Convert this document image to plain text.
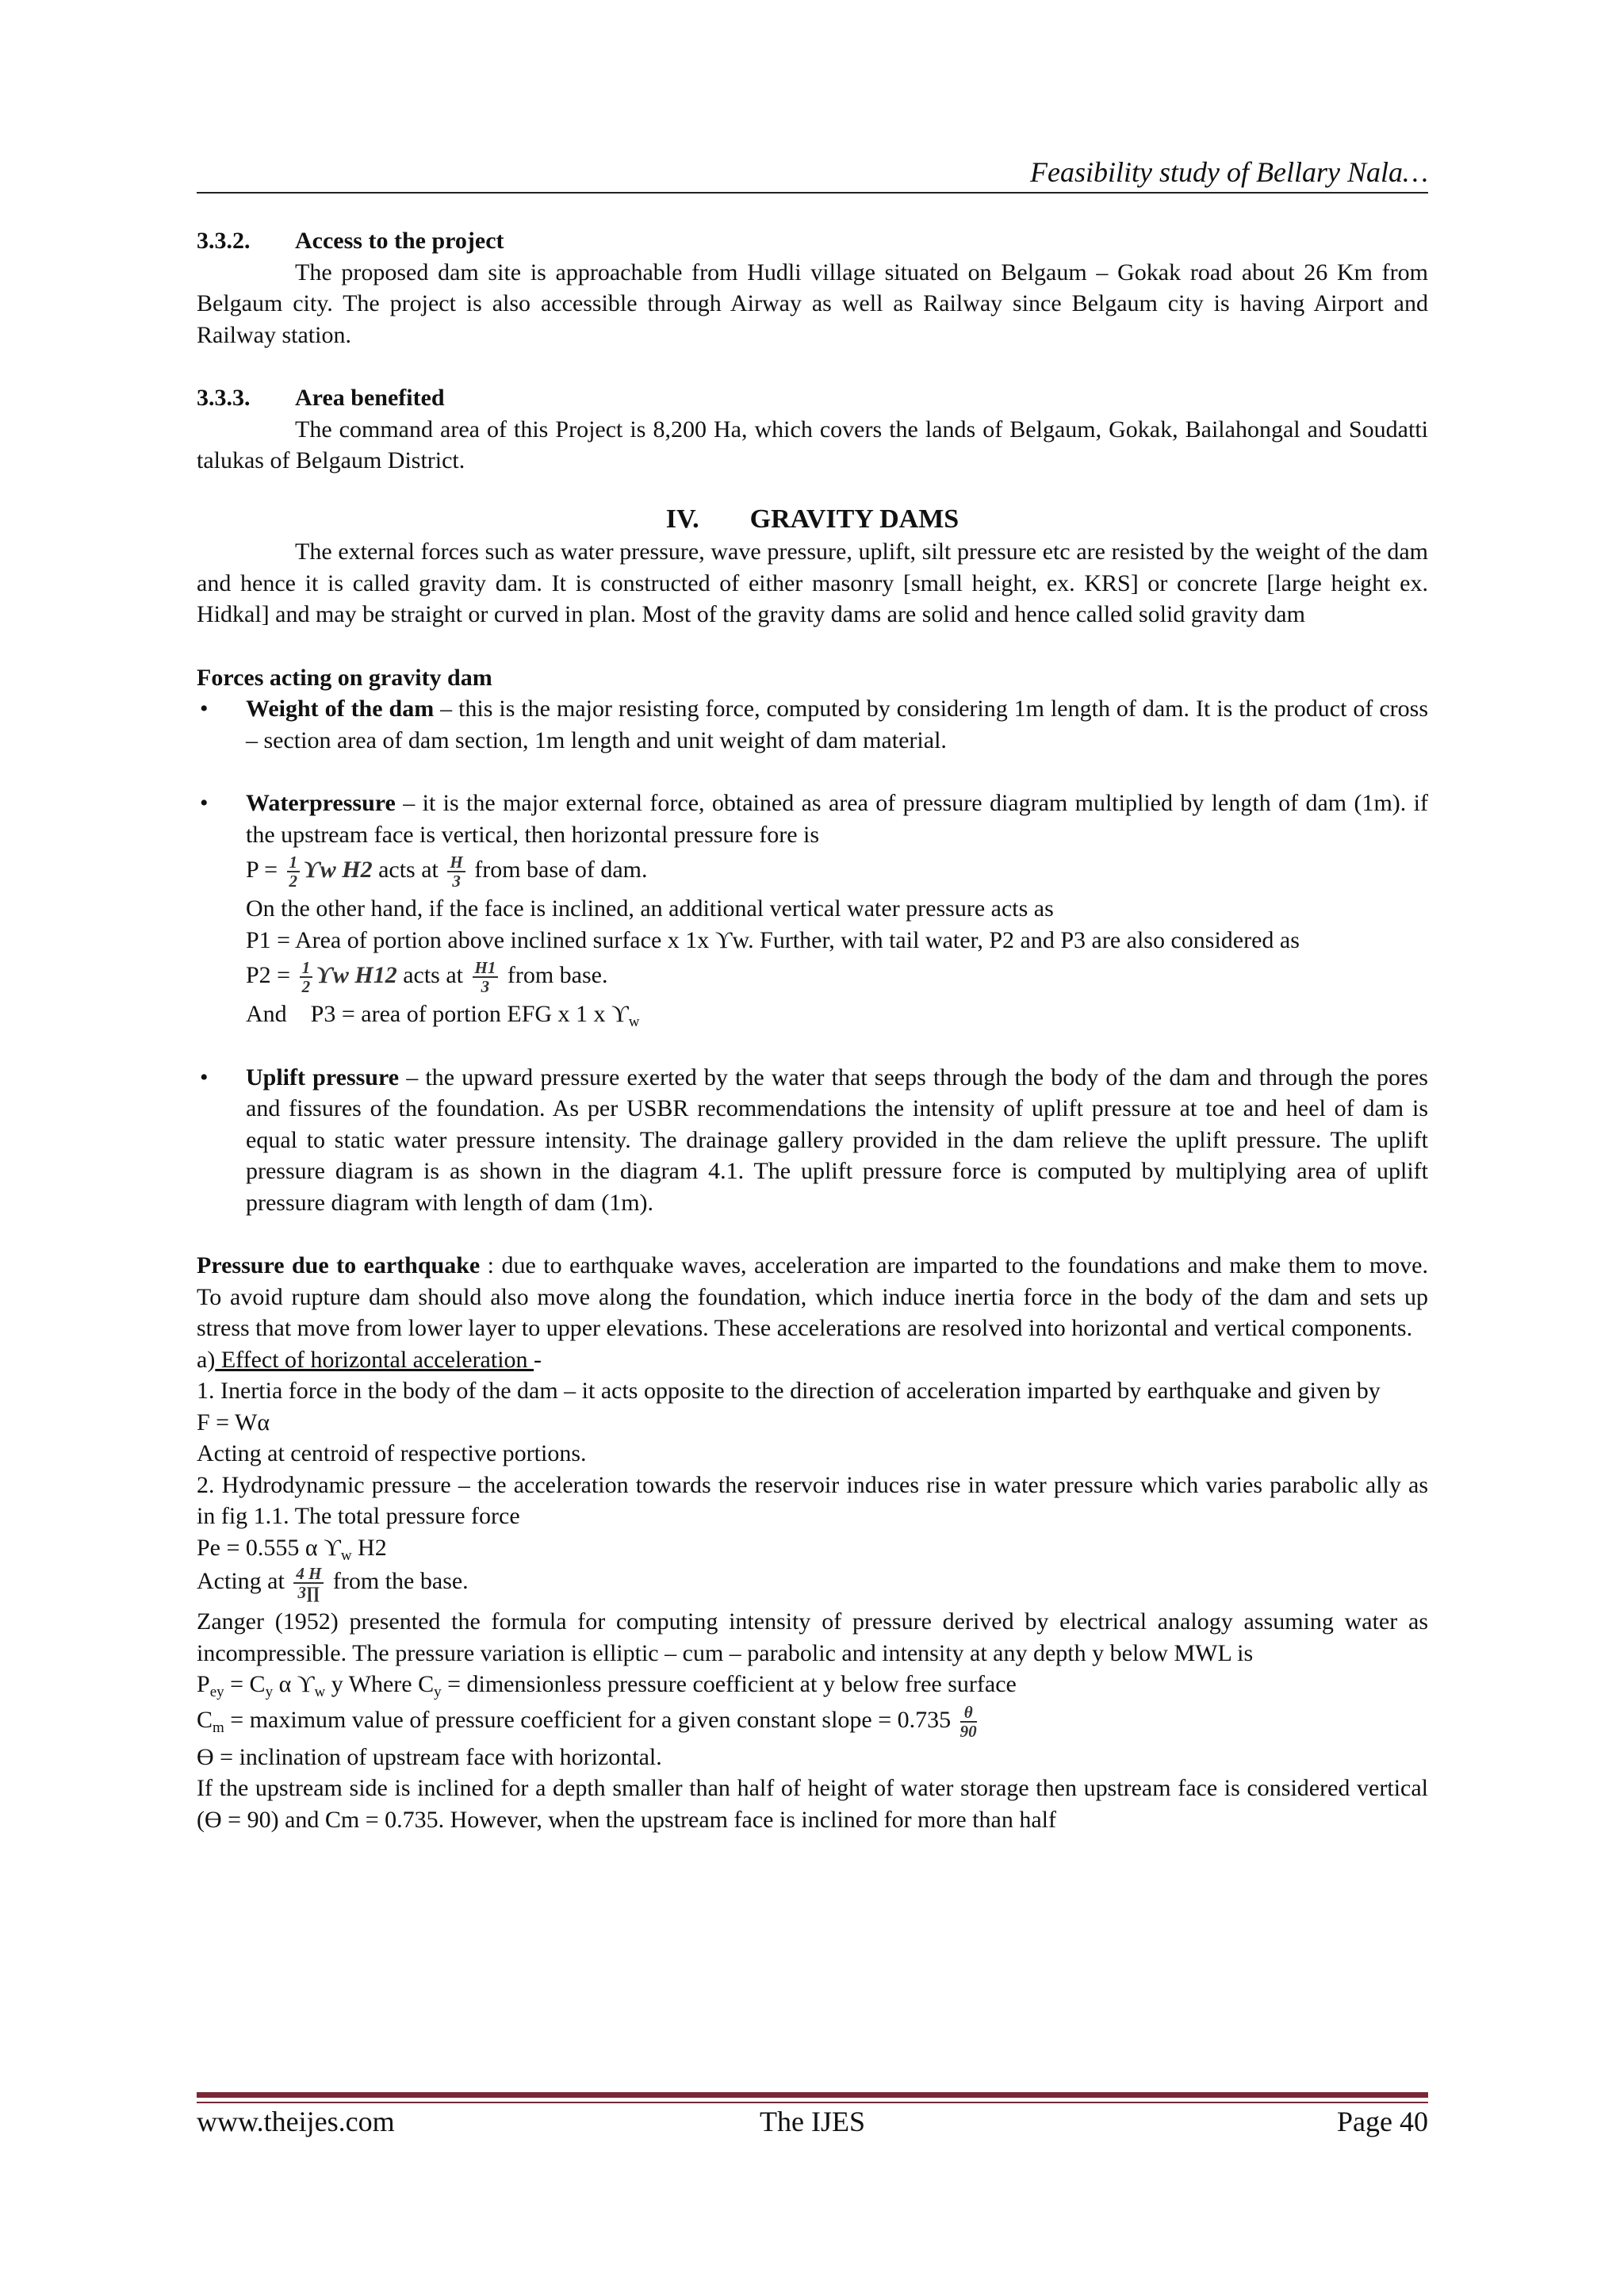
Feasibility study of Bellary Nala…

3.3.2. Access to the project

The proposed dam site is approachable from Hudli village situated on Belgaum – Gokak road about 26 Km from Belgaum city. The project is also accessible through Airway as well as Railway since Belgaum city is having Airport and Railway station.

3.3.3. Area benefited

The command area of this Project is 8,200 Ha, which covers the lands of Belgaum, Gokak, Bailahongal and Soudatti talukas of Belgaum District.

IV. GRAVITY DAMS

The external forces such as water pressure, wave pressure, uplift, silt pressure etc are resisted by the weight of the dam and hence it is called gravity dam. It is constructed of either masonry [small height, ex. KRS] or concrete [large height ex. Hidkal] and may be straight or curved in plan. Most of the gravity dams are solid and hence called solid gravity dam

Forces acting on gravity dam

• Weight of the dam – this is the major resisting force, computed by considering 1m length of dam. It is the product of cross – section area of dam section, 1m length and unit weight of dam material.

• Waterpressure – it is the major external force, obtained as area of pressure diagram multiplied by length of dam (1m). if the upstream face is vertical, then horizontal pressure fore is

$P = \frac{1}{2}$ ϒw H2 acts at $\frac{H}{3}$ from base of dam.

On the other hand, if the face is inclined, an additional vertical water pressure acts as

P1 = Area of portion above inclined surface x 1x ϒw. Further, with tail water, P2 and P3 are also considered as

$P2 = \frac{1}{2}$ ϒw H12 acts at $\frac{H1}{3}$ from base.

And P3 = area of portion EFG x 1 x $ϒ_w$

• Uplift pressure – the upward pressure exerted by the water that seeps through the body of the dam and through the pores and fissures of the foundation. As per USBR recommendations the intensity of uplift pressure at toe and heel of dam is equal to static water pressure intensity. The drainage gallery provided in the dam relieve the uplift pressure. The uplift pressure diagram is as shown in the diagram 4.1. The uplift pressure force is computed by multiplying area of uplift pressure diagram with length of dam (1m).

Pressure due to earthquake : due to earthquake waves, acceleration are imparted to the foundations and make them to move. To avoid rupture dam should also move along the foundation, which induce inertia force in the body of the dam and sets up stress that move from lower layer to upper elevations. These accelerations are resolved into horizontal and vertical components.

a) Effect of horizontal acceleration -

1. Inertia force in the body of the dam – it acts opposite to the direction of acceleration imparted by earthquake and given by

F = Wα

Acting at centroid of respective portions.

2. Hydrodynamic pressure – the acceleration towards the reservoir induces rise in water pressure which varies parabolic ally as in fig 1.1. The total pressure force

Pe = 0.555 α $ϒ_w$ H2

Acting at $\frac{4 H}{3\prod}$ from the base.

Zanger (1952) presented the formula for computing intensity of pressure derived by electrical analogy assuming water as incompressible. The pressure variation is elliptic – cum – parabolic and intensity at any depth y below MWL is

$P_{ey} = C_y$ α $ϒ_w$ y Where $C_y$ = dimensionless pressure coefficient at y below free surface

$C_m$ = maximum value of pressure coefficient for a given constant slope = $0.735 \frac{\theta}{90}$

Ɵ = inclination of upstream face with horizontal.

If the upstream side is inclined for a depth smaller than half of height of water storage then upstream face is considered vertical (Ɵ = 90) and Cm = 0.735. However, when the upstream face is inclined for more than half

www.theijes.com	The IJES	Page 40
